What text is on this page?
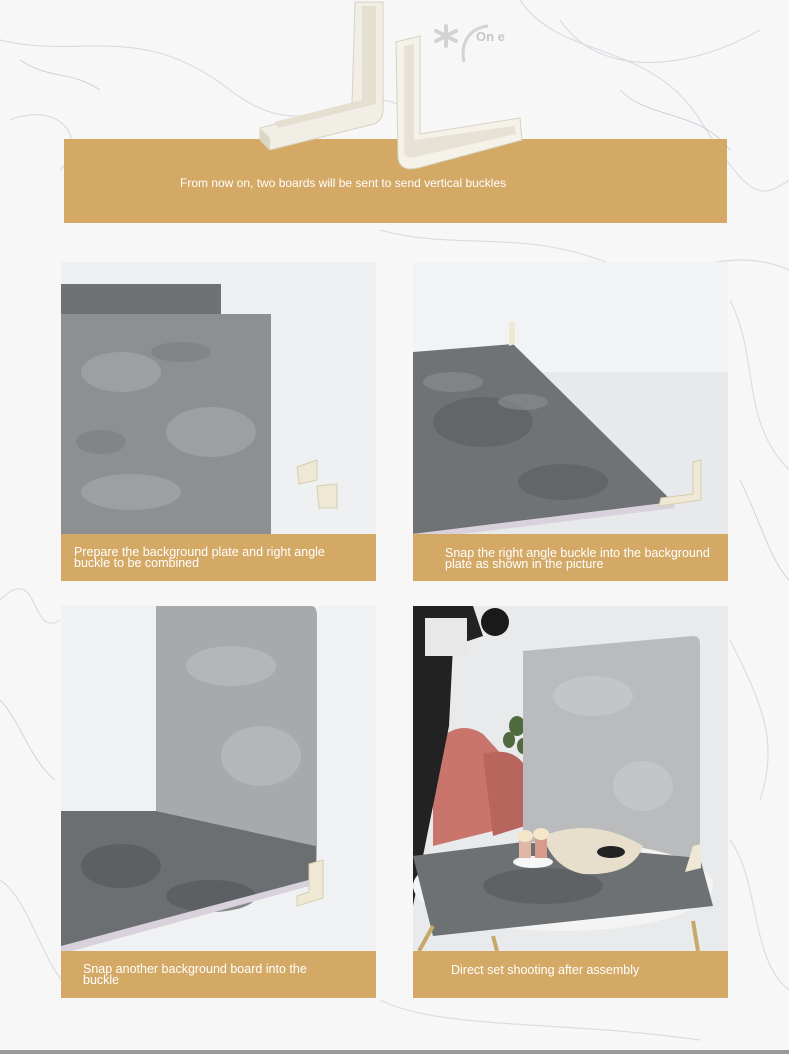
From now on, two boards will be sent to send vertical buckles
On e
Prepare the background plate and right angle buckle to be combined
Snap the right angle buckle into the background plate as shown in the picture
Snap another background board into the buckle
Direct set shooting after assembly
